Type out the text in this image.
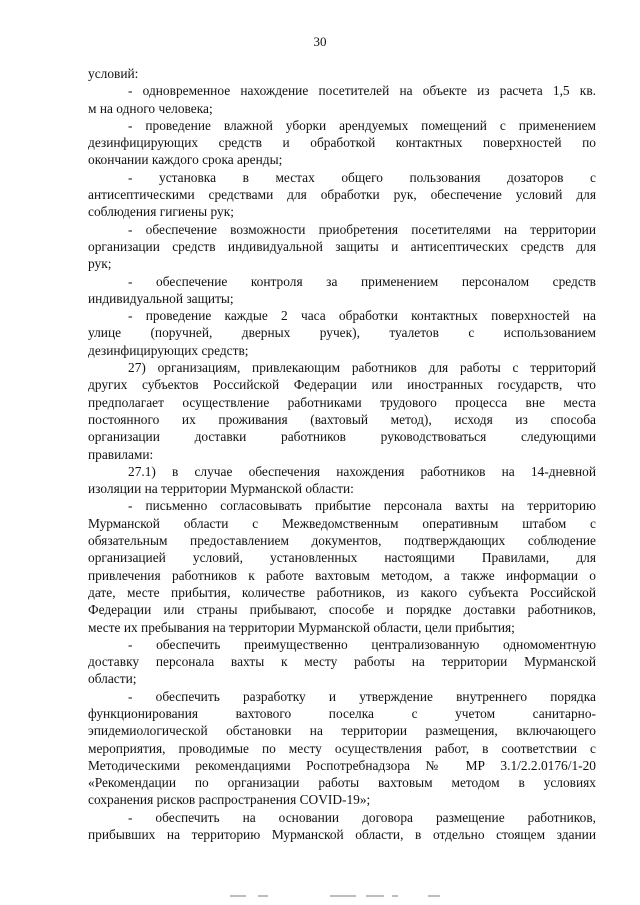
30
условий:
- одновременное нахождение посетителей на объекте из расчета 1,5 кв.
м на одного человека;
- проведение влажной уборки арендуемых помещений с применением
дезинфицирующих средств и обработкой контактных поверхностей по
окончании каждого срока аренды;
- установка в местах общего пользования дозаторов с
антисептическими средствами для обработки рук, обеспечение условий для
соблюдения гигиены рук;
- обеспечение возможности приобретения посетителями на территории
организации средств индивидуальной защиты и антисептических средств для
рук;
- обеспечение контроля за применением персоналом средств
индивидуальной защиты;
- проведение каждые 2 часа обработки контактных поверхностей на
улице (поручней, дверных ручек), туалетов с использованием
дезинфицирующих средств;
27) организациям, привлекающим работников для работы с территорий
других субъектов Российской Федерации или иностранных государств, что
предполагает осуществление работниками трудового процесса вне места
постоянного их проживания (вахтовый метод), исходя из способа
организации доставки работников руководствоваться следующими
правилами:
27.1) в случае обеспечения нахождения работников на 14-дневной
изоляции на территории Мурманской области:
- письменно согласовывать прибытие персонала вахты на территорию
Мурманской области с Межведомственным оперативным штабом с
обязательным предоставлением документов, подтверждающих соблюдение
организацией условий, установленных настоящими Правилами, для
привлечения работников к работе вахтовым методом, а также информации о
дате, месте прибытия, количестве работников, из какого субъекта Российской
Федерации или страны прибывают, способе и порядке доставки работников,
месте их пребывания на территории Мурманской области, цели прибытия;
- обеспечить преимущественно централизованную одномоментную
доставку персонала вахты к месту работы на территории Мурманской
области;
- обеспечить разработку и утверждение внутреннего порядка
функционирования вахтового поселка с учетом санитарно-
эпидемиологической обстановки на территории размещения, включающего
мероприятия, проводимые по месту осуществления работ, в соответствии с
Методическими рекомендациями Роспотребнадзора № МР 3.1/2.2.0176/1-20
«Рекомендации по организации работы вахтовым методом в условиях
сохранения рисков распространения COVID-19»;
- обеспечить на основании договора размещение работников,
прибывших на территорию Мурманской области, в отдельно стоящем здании
